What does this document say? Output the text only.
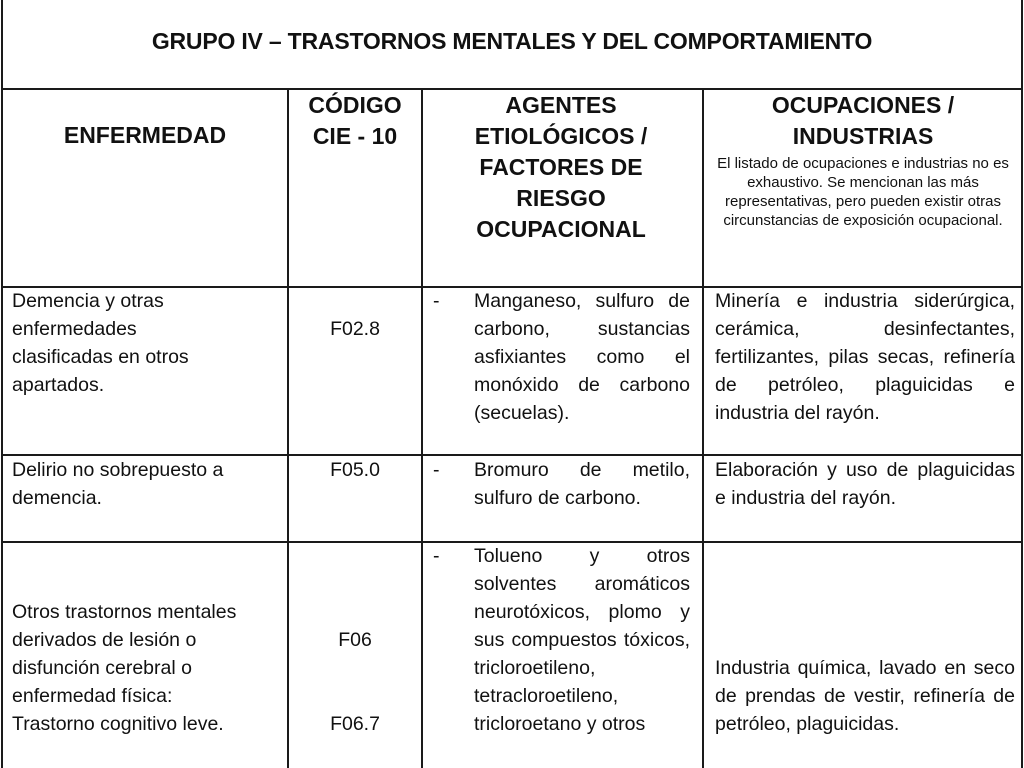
GRUPO IV – TRASTORNOS MENTALES Y DEL COMPORTAMIENTO
ENFERMEDAD
CÓDIGO CIE - 10
AGENTES ETIOLÓGICOS / FACTORES DE RIESGO OCUPACIONAL
OCUPACIONES / INDUSTRIAS
El listado de ocupaciones e industrias no es exhaustivo. Se mencionan las más representativas, pero pueden existir otras circunstancias de exposición ocupacional.
Demencia y otras enfermedades clasificadas en otros apartados.
F02.8
- Manganeso, sulfuro de carbono, sustancias asfixiantes como el monóxido de carbono (secuelas).
Minería e industria siderúrgica, cerámica, desinfectantes, fertilizantes, pilas secas, refinería de petróleo, plaguicidas e industria del rayón.
Delirio no sobrepuesto a demencia.
F05.0	- Bromuro de metilo, sulfuro de carbono.
Elaboración y uso de plaguicidas e industria del rayón.
Otros trastornos mentales derivados de lesión o disfunción cerebral o enfermedad física:
Trastorno cognitivo leve.
F06
F06.7
- Tolueno y otros solventes aromáticos neurotóxicos, plomo y sus compuestos tóxicos, tricloroetileno, tetracloroetileno, tricloroetano y otros
Industria química, lavado en seco de prendas de vestir, refinería de petróleo, plaguicidas.
